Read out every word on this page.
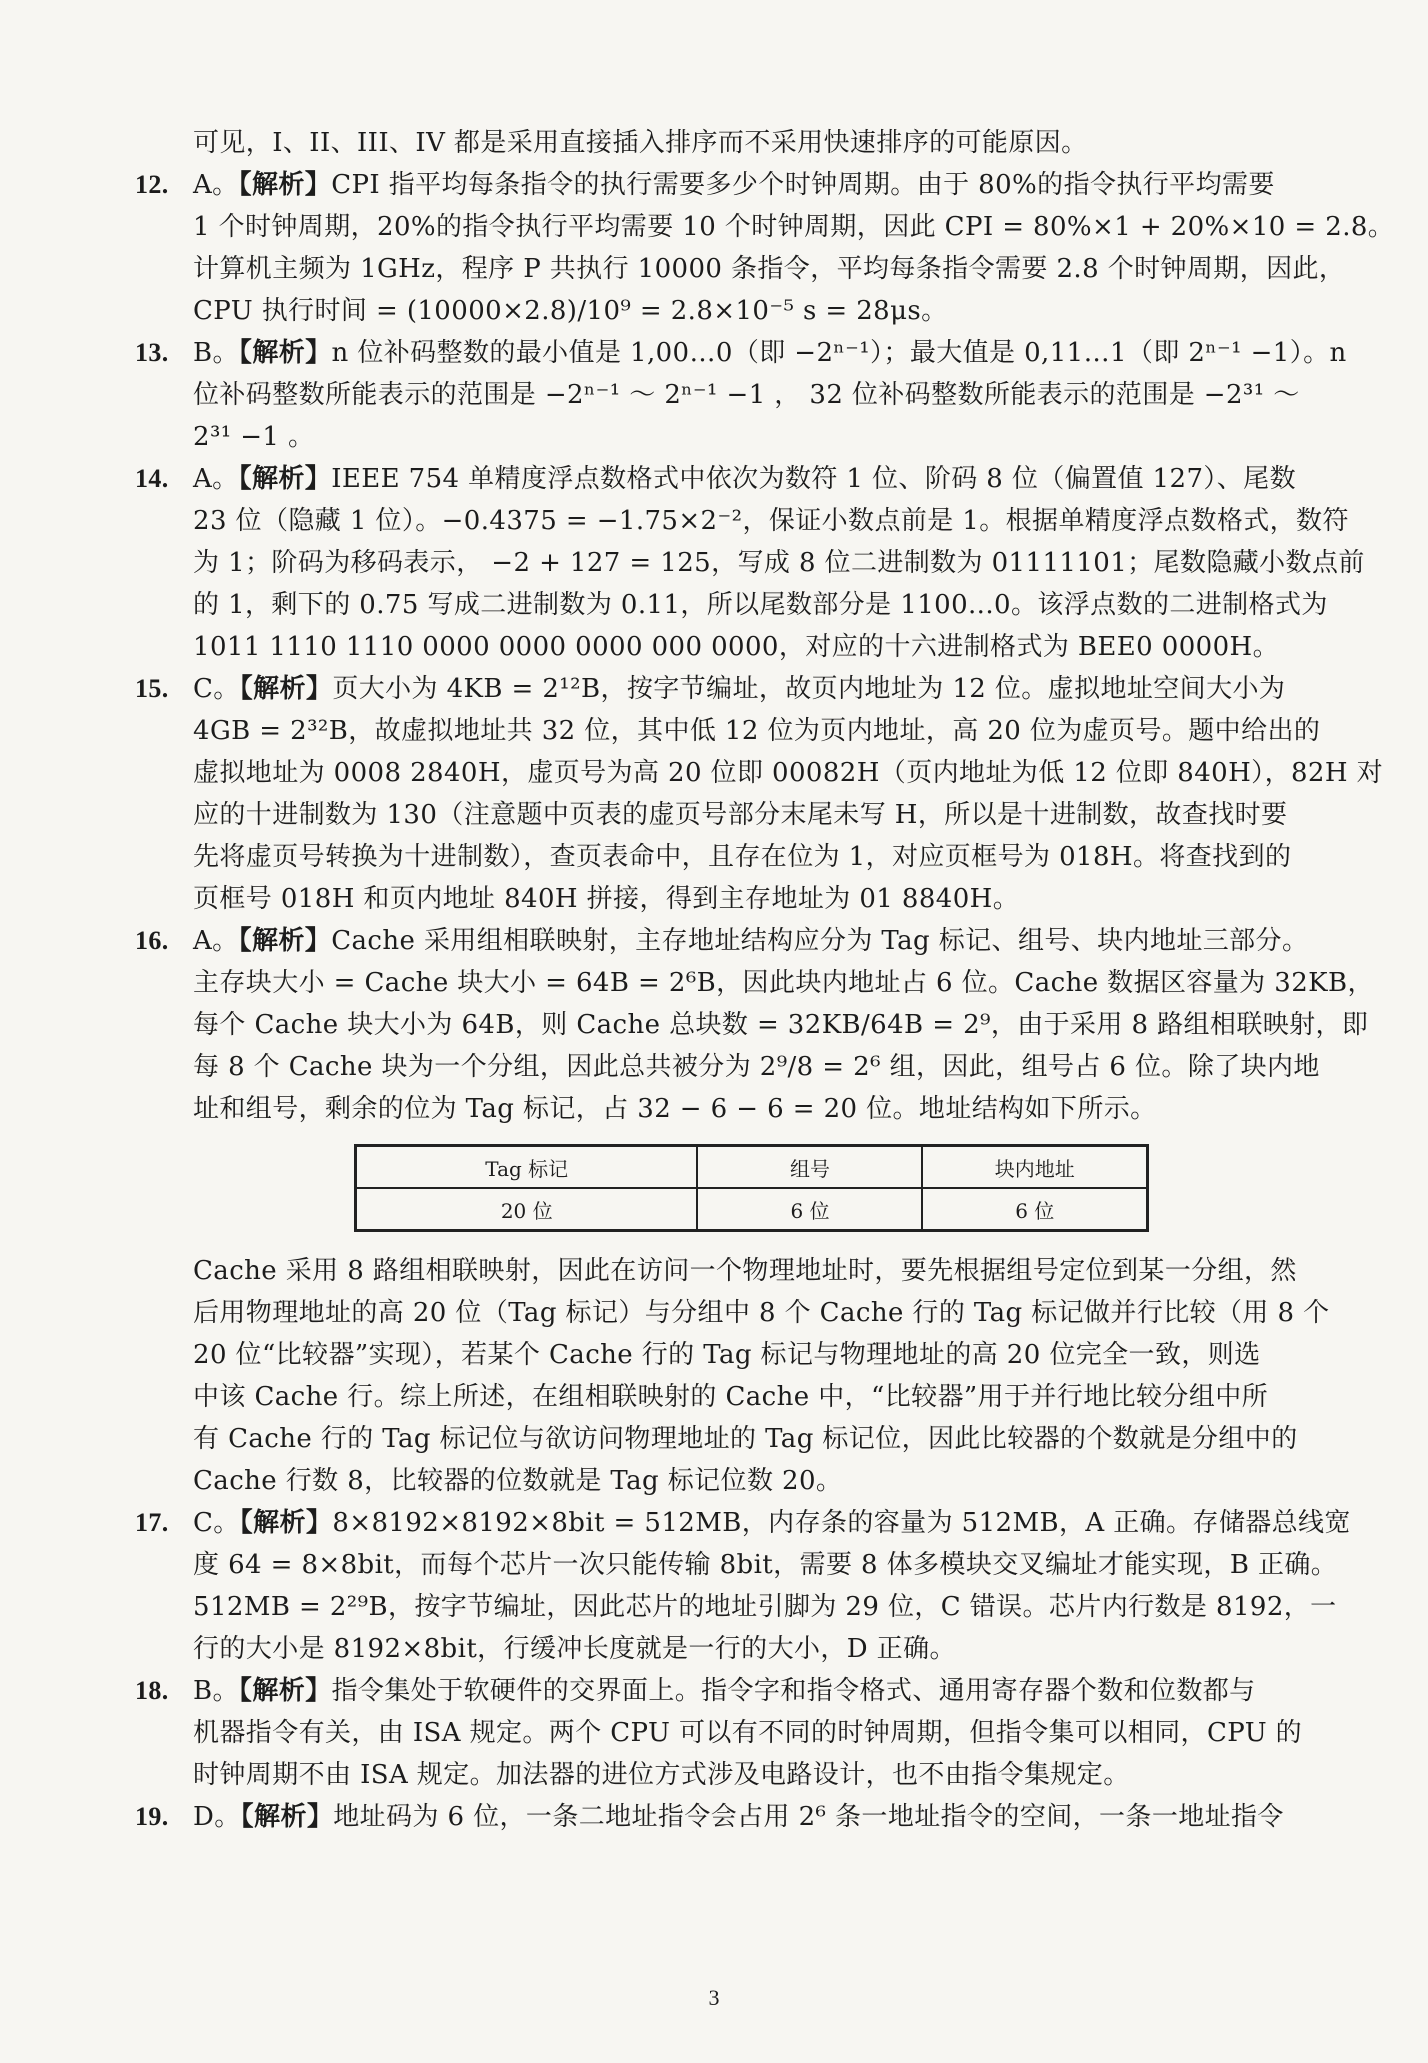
可见，I、II、III、IV 都是采用直接插入排序而不采用快速排序的可能原因。
12. A。【解析】CPI 指平均每条指令的执行需要多少个时钟周期。由于 80%的指令执行平均需要
1 个时钟周期，20%的指令执行平均需要 10 个时钟周期，因此 CPI = 80%×1 + 20%×10 = 2.8。
计算机主频为 1GHz，程序 P 共执行 10000 条指令，平均每条指令需要 2.8 个时钟周期，因此，
CPU 执行时间 = (10000×2.8)/10⁹ = 2.8×10⁻⁵ s = 28μs。
13. B。【解析】n 位补码整数的最小值是 1,00…0（即 −2ⁿ⁻¹）；最大值是 0,11…1（即 2ⁿ⁻¹ −1）。n
位补码整数所能表示的范围是 −2ⁿ⁻¹ ～ 2ⁿ⁻¹ −1 ， 32 位补码整数所能表示的范围是 −2³¹ ～
2³¹ −1 。
14. A。【解析】IEEE 754 单精度浮点数格式中依次为数符 1 位、阶码 8 位（偏置值 127）、尾数
23 位（隐藏 1 位）。−0.4375 = −1.75×2⁻²，保证小数点前是 1。根据单精度浮点数格式，数符
为 1；阶码为移码表示， −2 + 127 = 125，写成 8 位二进制数为 01111101；尾数隐藏小数点前
的 1，剩下的 0.75 写成二进制数为 0.11，所以尾数部分是 1100...0。该浮点数的二进制格式为
1011 1110 1110 0000 0000 0000 000 0000，对应的十六进制格式为 BEE0 0000H。
15. C。【解析】页大小为 4KB = 2¹²B，按字节编址，故页内地址为 12 位。虚拟地址空间大小为
4GB = 2³²B，故虚拟地址共 32 位，其中低 12 位为页内地址，高 20 位为虚页号。题中给出的
虚拟地址为 0008 2840H，虚页号为高 20 位即 00082H（页内地址为低 12 位即 840H），82H 对
应的十进制数为 130（注意题中页表的虚页号部分末尾未写 H，所以是十进制数，故查找时要
先将虚页号转换为十进制数），查页表命中，且存在位为 1，对应页框号为 018H。将查找到的
页框号 018H 和页内地址 840H 拼接，得到主存地址为 01 8840H。
16. A。【解析】Cache 采用组相联映射，主存地址结构应分为 Tag 标记、组号、块内地址三部分。
主存块大小 = Cache 块大小 = 64B = 2⁶B，因此块内地址占 6 位。Cache 数据区容量为 32KB，
每个 Cache 块大小为 64B，则 Cache 总块数 = 32KB/64B = 2⁹，由于采用 8 路组相联映射，即
每 8 个 Cache 块为一个分组，因此总共被分为 2⁹/8 = 2⁶ 组，因此，组号占 6 位。除了块内地
址和组号，剩余的位为 Tag 标记，占 32 − 6 − 6 = 20 位。地址结构如下所示。
Tag 标记	组号	块内地址
20 位	6 位	6 位
Cache 采用 8 路组相联映射，因此在访问一个物理地址时，要先根据组号定位到某一分组，然
后用物理地址的高 20 位（Tag 标记）与分组中 8 个 Cache 行的 Tag 标记做并行比较（用 8 个
20 位“比较器”实现），若某个 Cache 行的 Tag 标记与物理地址的高 20 位完全一致，则选
中该 Cache 行。综上所述，在组相联映射的 Cache 中，“比较器”用于并行地比较分组中所
有 Cache 行的 Tag 标记位与欲访问物理地址的 Tag 标记位，因此比较器的个数就是分组中的
Cache 行数 8，比较器的位数就是 Tag 标记位数 20。
17. C。【解析】8×8192×8192×8bit = 512MB，内存条的容量为 512MB，A 正确。存储器总线宽
度 64 = 8×8bit，而每个芯片一次只能传输 8bit，需要 8 体多模块交叉编址才能实现，B 正确。
512MB = 2²⁹B，按字节编址，因此芯片的地址引脚为 29 位，C 错误。芯片内行数是 8192，一
行的大小是 8192×8bit，行缓冲长度就是一行的大小，D 正确。
18. B。【解析】指令集处于软硬件的交界面上。指令字和指令格式、通用寄存器个数和位数都与
机器指令有关，由 ISA 规定。两个 CPU 可以有不同的时钟周期，但指令集可以相同，CPU 的
时钟周期不由 ISA 规定。加法器的进位方式涉及电路设计，也不由指令集规定。
19. D。【解析】地址码为 6 位，一条二地址指令会占用 2⁶ 条一地址指令的空间，一条一地址指令
3
